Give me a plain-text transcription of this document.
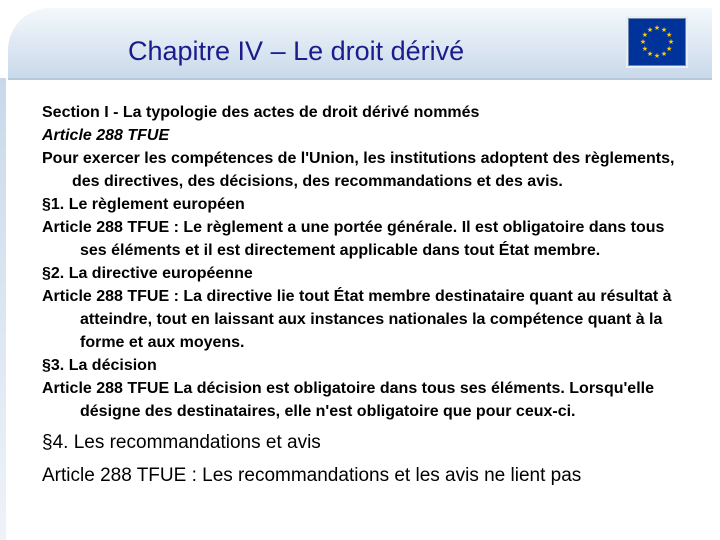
Chapitre IV – Le droit dérivé
★ ★
★
★
★
★
★
★
★
★
★
★

Section I - La typologie des actes de droit dérivé nommés

Article 288 TFUE

Pour exercer les compétences de l'Union, les institutions adoptent des règlements, des directives, des décisions, des recommandations et des avis.

§1. Le règlement européen

Article 288 TFUE : Le règlement a une portée générale. Il est obligatoire dans tous ses éléments et il est directement applicable dans tout État membre.

§2. La directive européenne

Article 288 TFUE : La directive lie tout État membre destinataire quant au résultat à atteindre, tout en laissant aux instances nationales la compétence quant à la forme et aux moyens.

§3. La décision

Article 288 TFUE La décision est obligatoire dans tous ses éléments. Lorsqu'elle désigne des destinataires, elle n'est obligatoire que pour ceux-ci.

§4. Les recommandations et avis

Article 288 TFUE : Les recommandations et les avis ne lient pas
